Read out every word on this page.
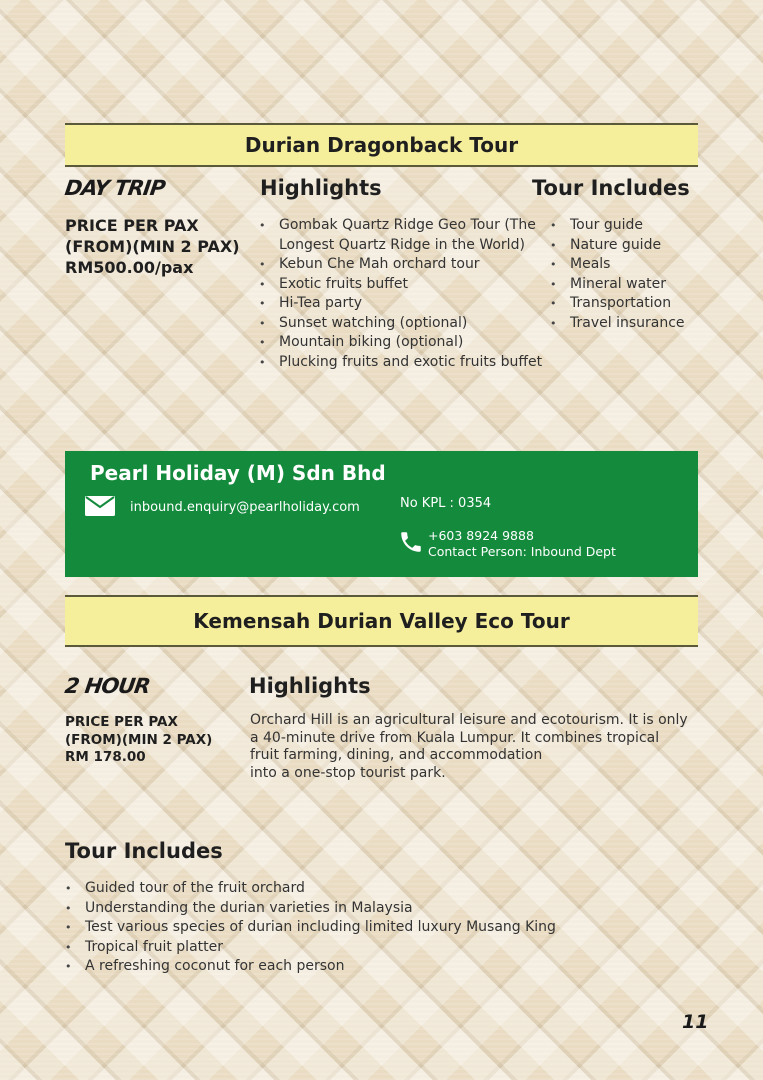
Durian Dragonback Tour
DAY TRIP
PRICE PER PAX
(FROM)(MIN 2 PAX)
RM500.00/pax
Highlights
• Gombak Quartz Ridge Geo Tour (The Longest Quartz Ridge in the World)
• Kebun Che Mah orchard tour
• Exotic fruits buffet
• Hi-Tea party
• Sunset watching (optional)
• Mountain biking (optional)
• Plucking fruits and exotic fruits buffet
Tour Includes
• Tour guide
• Nature guide
• Meals
• Mineral water
• Transportation
• Travel insurance
Pearl Holiday (M) Sdn Bhd
inbound.enquiry@pearlholiday.com	No KPL : 0354
+603 8924 9888
Contact Person: Inbound Dept
Kemensah Durian Valley Eco Tour
2 HOUR
PRICE PER PAX
(FROM)(MIN 2 PAX)
RM 178.00
Highlights
Orchard Hill is an agricultural leisure and ecotourism. It is only
a 40-minute drive from Kuala Lumpur. It combines tropical
fruit farming, dining, and accommodation
into a one-stop tourist park.
Tour Includes
• Guided tour of the fruit orchard
• Understanding the durian varieties in Malaysia
• Test various species of durian including limited luxury Musang King
• Tropical fruit platter
• A refreshing coconut for each person
11
